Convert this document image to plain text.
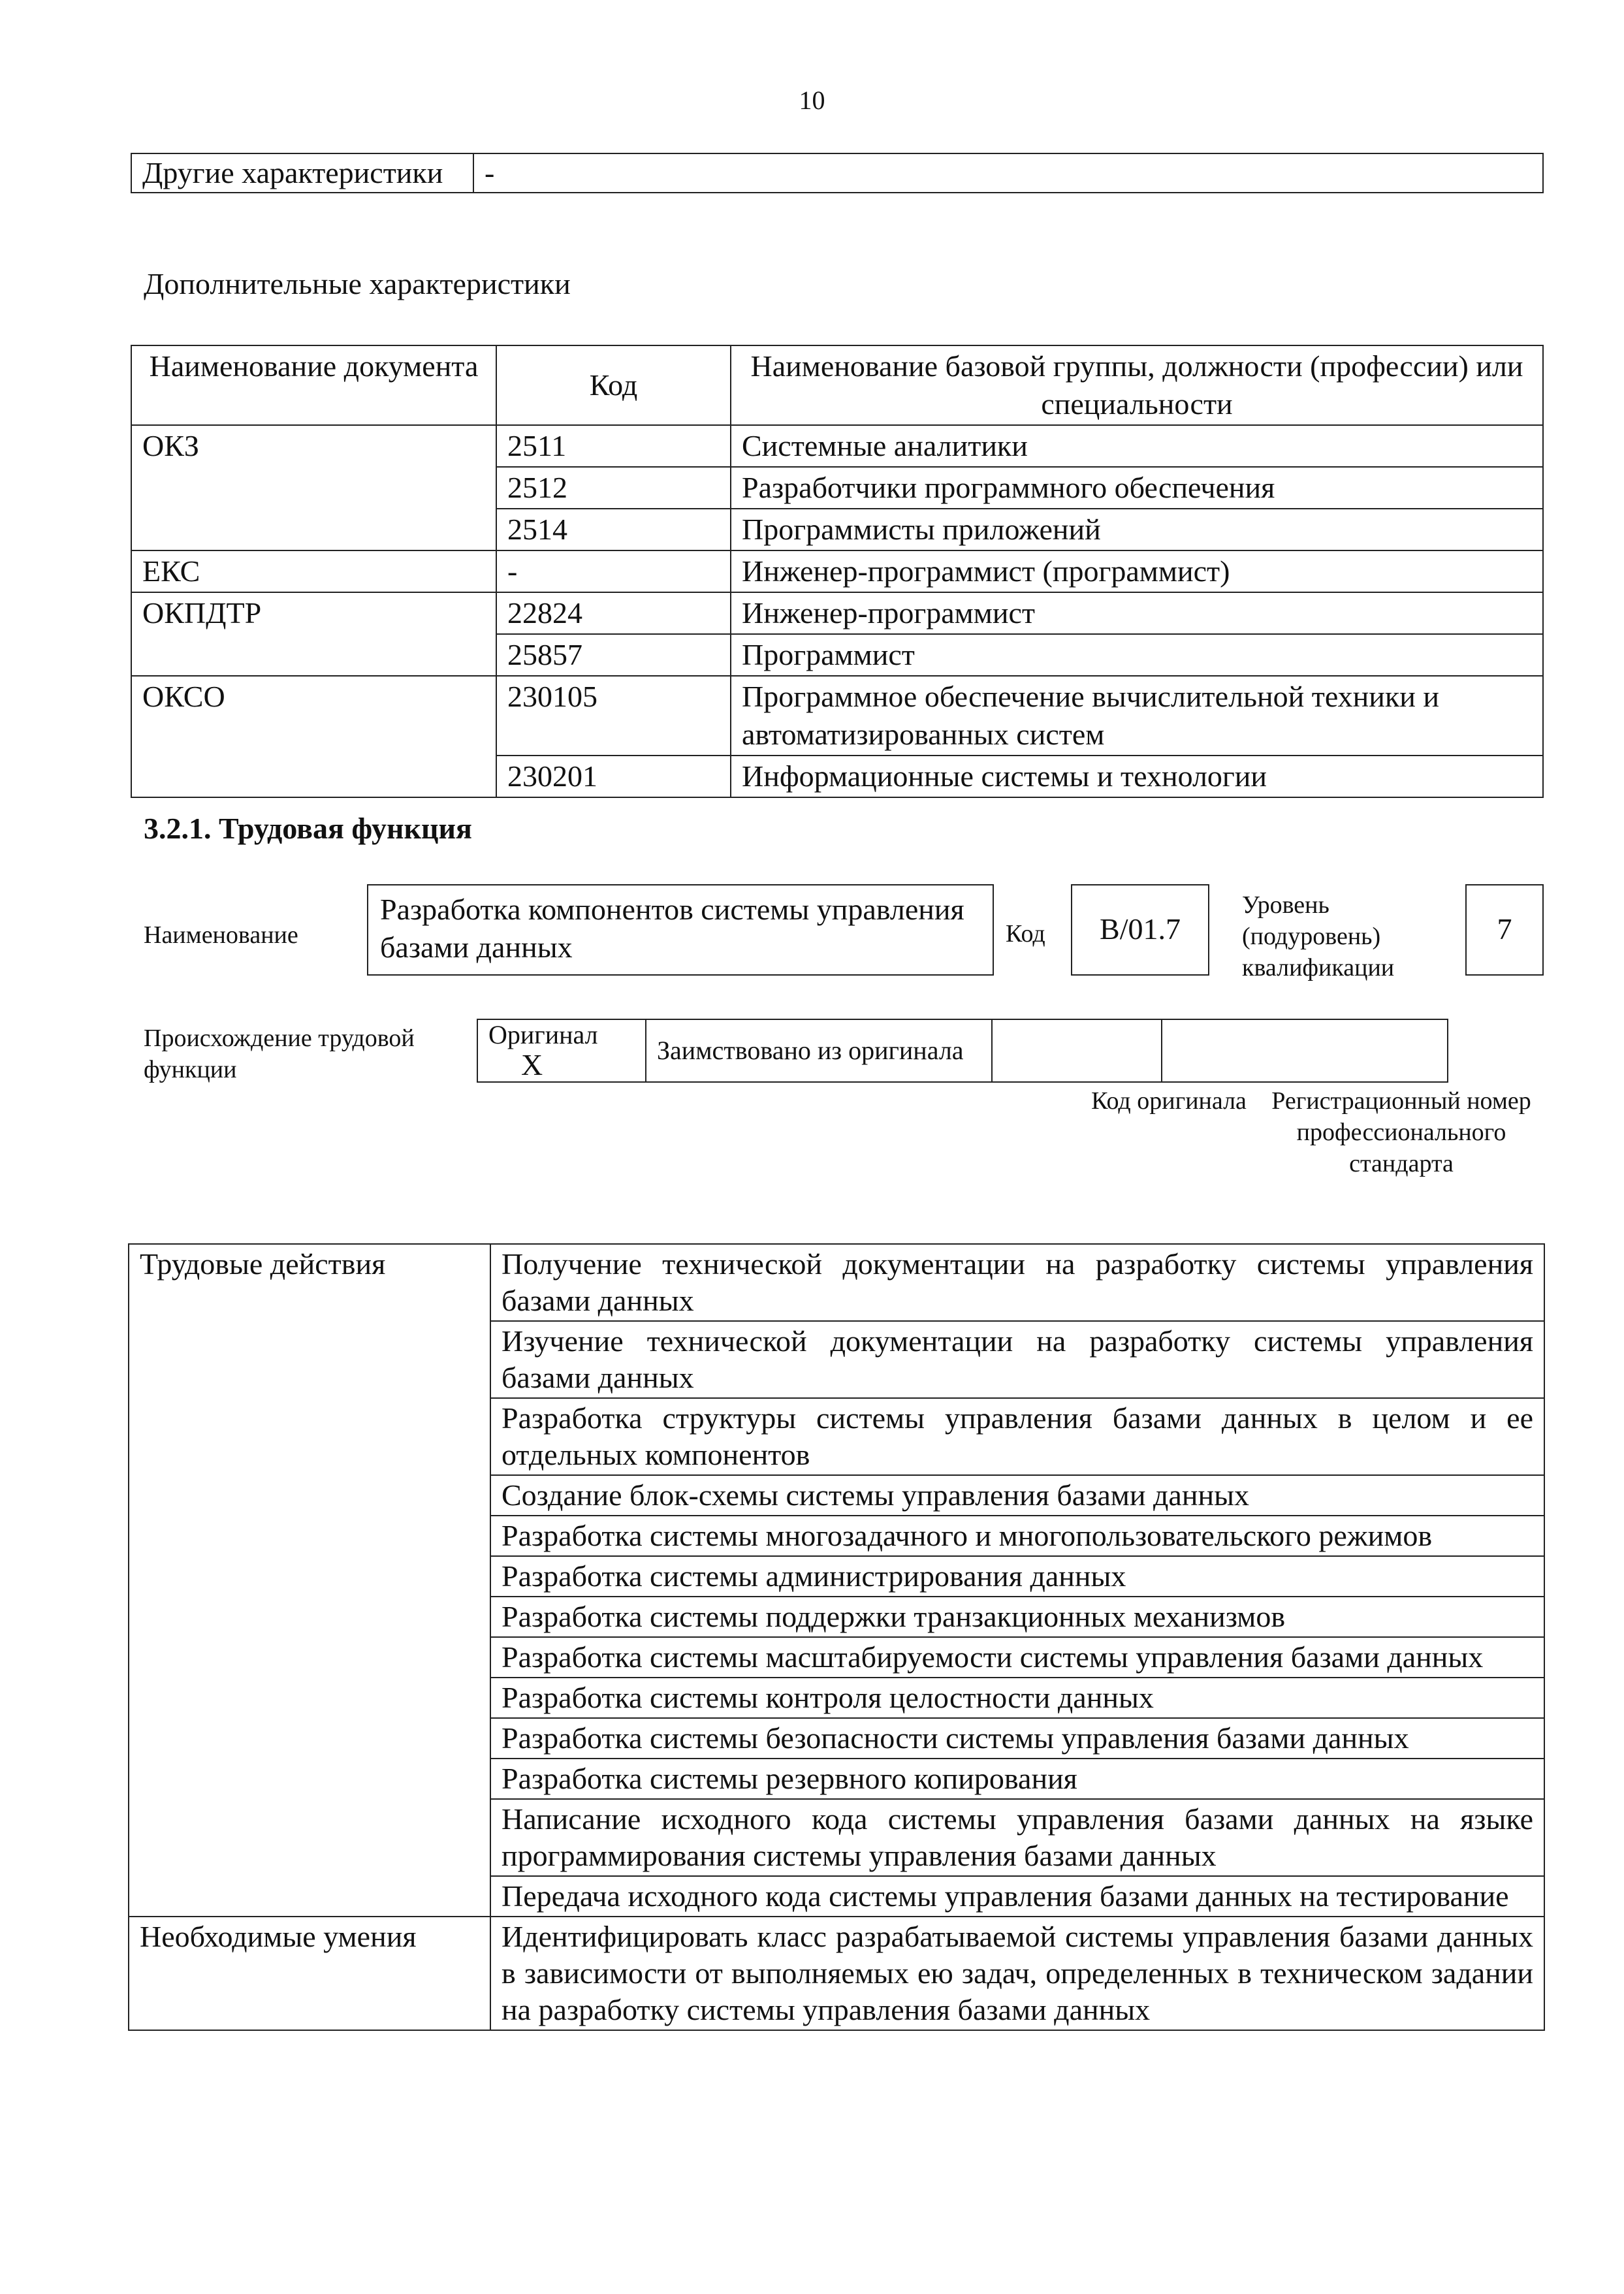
10
Другие характеристики	-
Дополнительные характеристики
Наименование документа	Код	Наименование базовой группы, должности (профессии) или специальности
ОКЗ	2511	Системные аналитики
	2512	Разработчики программного обеспечения
	2514	Программисты приложений
ЕКС	-	Инженер-программист (программист)
ОКПДТР	22824	Инженер-программист
	25857	Программист
ОКСО	230105	Программное обеспечение вычислительной техники и автоматизированных систем
	230201	Информационные системы и технологии
3.2.1. Трудовая функция
Наименование
Разработка компонентов системы управления базами данных	Код	B/01.7
Уровень (подуровень) квалификации
7
Происхождение трудовой функции
Оригинал X	Заимствовано из оригинала		
Код оригинала	Регистрационный номер профессионального стандарта
Трудовые действия	Получение технической документации на разработку системы управления базами данных
	Изучение технической документации на разработку системы управления базами данных
	Разработка структуры системы управления базами данных в целом и ее отдельных компонентов
	Создание блок-схемы системы управления базами данных
	Разработка системы многозадачного и многопользовательского режимов
	Разработка системы администрирования данных
	Разработка системы поддержки транзакционных механизмов
	Разработка системы масштабируемости системы управления базами данных
	Разработка системы контроля целостности данных
	Разработка системы безопасности системы управления базами данных
	Разработка системы резервного копирования
	Написание исходного кода системы управления базами данных на языке программирования системы управления базами данных
	Передача исходного кода системы управления базами данных на тестирование
Необходимые умения	Идентифицировать класс разрабатываемой системы управления базами данных в зависимости от выполняемых ею задач, определенных в техническом задании на разработку системы управления базами данных
